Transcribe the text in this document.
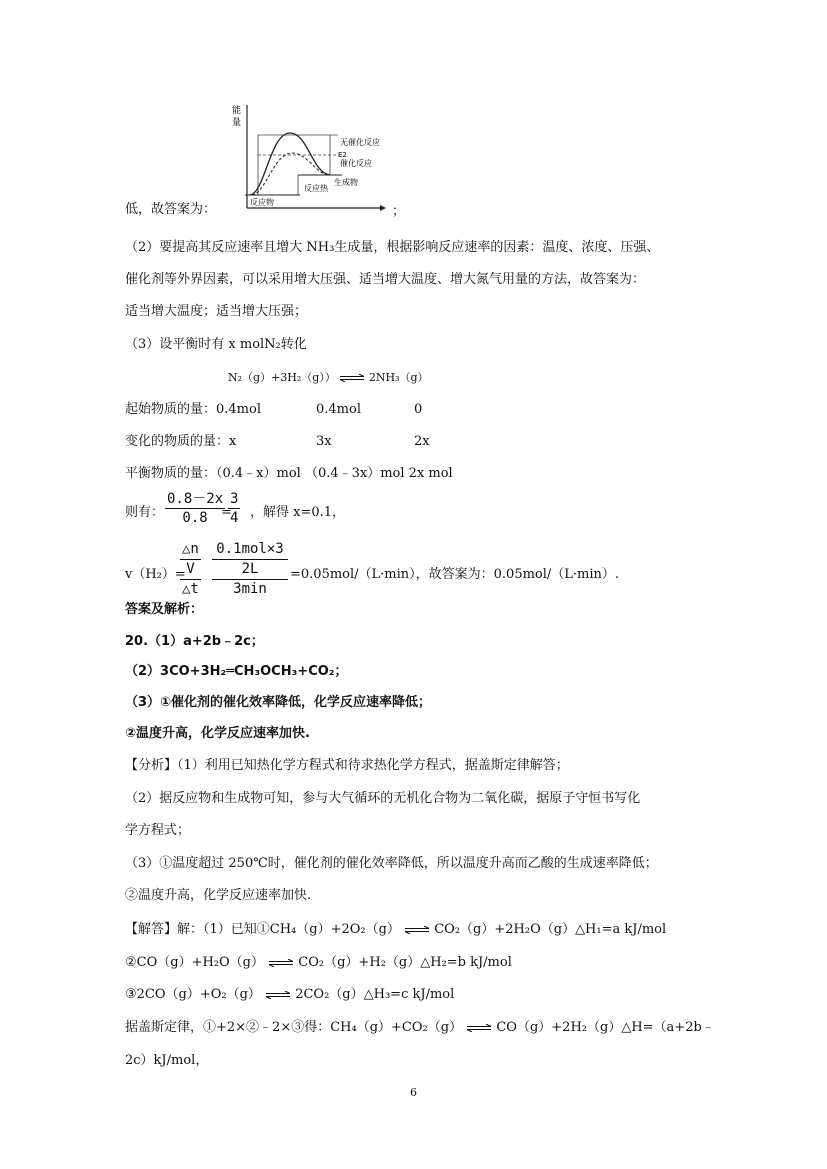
能
量
无催化反应
E2
催化反应
生成物
反应热
反应物
低，故答案为：	；
（2）要提高其反应速率且增大 NH₃生成量，根据影响反应速率的因素：温度、浓度、压强、
催化剂等外界因素，可以采用增大压强、适当增大温度、增大氮气用量的方法，故答案为：
适当增大温度；适当增大压强；
（3）设平衡时有 x molN₂转化
N₂（g）+3H₂（g）） ⇌ 2NH₃（g）
起始物质的量：0.4mol	0.4mol	0
变化的物质的量：x	3x	2x
平衡物质的量：（0.4﹣x）mol （0.4﹣3x）mol 2x mol
则有： $\frac{0.8-2x}{0.8}$
=
$\frac{3}{4}$ ，解得 x=0.1，
v（H₂）=
△n
V
△t
0.1mol×3
2L
3min
=0.05mol/（L·min），故答案为：0.05mol/（L·min）.
答案及解析：
20.（1）a+2b﹣2c；
（2）3CO+3H₂═CH₃OCH₃+CO₂；
（3）①催化剂的催化效率降低，化学反应速率降低；
②温度升高，化学反应速率加快.
【分析】（1）利用已知热化学方程式和待求热化学方程式，据盖斯定律解答；
（2）据反应物和生成物可知，参与大气循环的无机化合物为二氧化碳，据原子守恒书写化
学方程式；
（3）①温度超过 250℃时，催化剂的催化效率降低，所以温度升高而乙酸的生成速率降低；
②温度升高，化学反应速率加快.
【解答】解：（1）已知①CH₄（g）+2O₂（g） ⇌ CO₂（g）+2H₂O（g）△H₁=a kJ/mol
②CO（g）+H₂O（g） ⇌ CO₂（g）+H₂（g）△H₂=b kJ/mol
③2CO（g）+O₂（g） ⇌ 2CO₂（g）△H₃=c kJ/mol
据盖斯定律，①+2×②﹣2×③得：CH₄（g）+CO₂（g） ⇌ CO（g）+2H₂（g）△H=（a+2b﹣
2c）kJ/mol，
6
